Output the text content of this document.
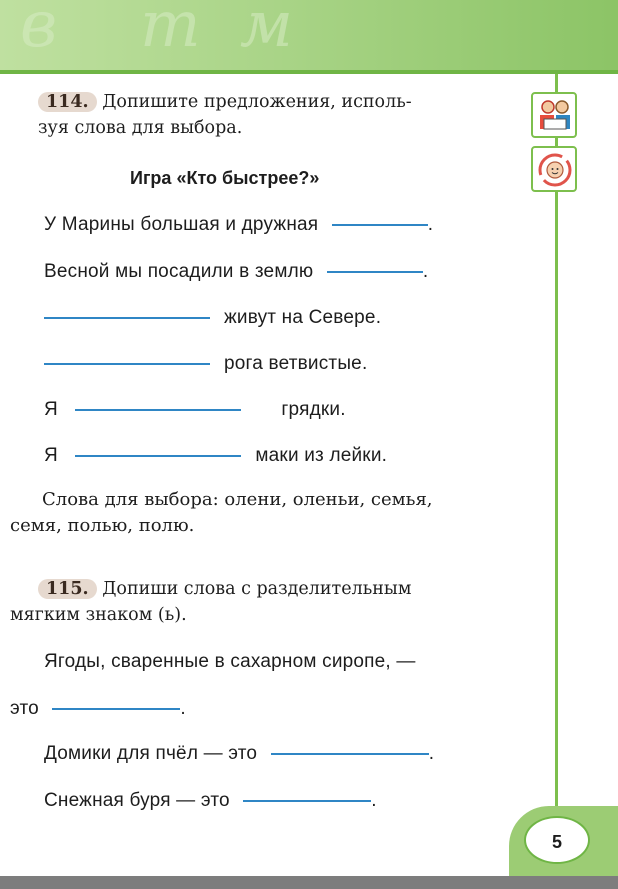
в т м
114. Допишите предложения, исполь-
зуя слова для выбора.
Игра «Кто быстрее?»
У Марины большая и дружная	.
Весной мы посадили в землю	.
живут на Севере.
рога ветвистые.
Я	грядки.
Я	маки из лейки.
Слова для выбора: олени, оленьи, семья,
семя, полью, полю.
115. Допиши слова с разделительным
мягким знаком (ь).
Ягоды, сваренные в сахарном сиропе, —
это	.
Домики для пчёл — это	.
Снежная буря — это	.
5
